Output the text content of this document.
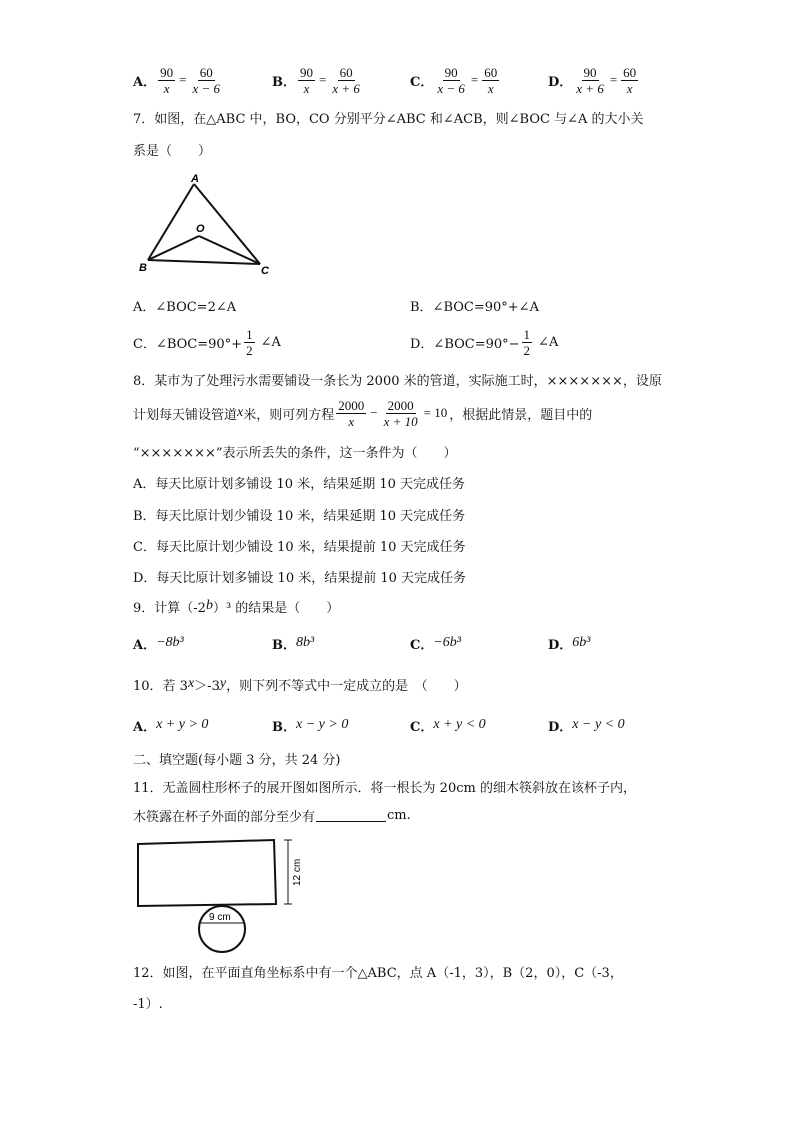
A． $\frac{90}{x} = \frac{60}{x - 6}$	B． $\frac{90}{x} = \frac{60}{x + 6}$	C． $\frac{90}{x - 6} = \frac{60}{x}$	D． $\frac{90}{x + 6} = \frac{60}{x}$
7．如图，在△ABC 中，BO，CO 分别平分∠ABC 和∠ACB，则∠BOC 与∠A 的大小关
系是（　　）
A
O
B	C
A．∠BOC=2∠A	B．∠BOC=90°+∠A
C．∠BOC=90°+ $\frac{1}{2}$ ∠A	D．∠BOC=90°− $\frac{1}{2}$ ∠A
8．某市为了处理污水需要铺设一条长为 2000 米的管道，实际施工时，×××××××，设原
计划每天铺设管道 x 米，则可列方程 $\frac{2000}{x} - \frac{2000}{x + 10} = 10$ ，根据此情景，题目中的
“×××××××”表示所丢失的条件，这一条件为（　　）
A．每天比原计划多铺设 10 米，结果延期 10 天完成任务
B．每天比原计划少铺设 10 米，结果延期 10 天完成任务
C．每天比原计划少铺设 10 米，结果提前 10 天完成任务
D．每天比原计划多铺设 10 米，结果提前 10 天完成任务
9．计算（-2 b ）³ 的结果是（　　）
A． −8b³	B． 8b³	C． −6b³	D． 6b³
10．若 3 x ＞-3 y ，则下列不等式中一定成立的是　（　　）
A． x + y > 0	B． x − y > 0	C． x + y < 0	D． x − y < 0
二、填空题(每小题 3 分，共 24 分)
11．无盖圆柱形杯子的展开图如图所示．将一根长为 20cm 的细木筷斜放在该杯子内，
木筷露在杯子外面的部分至少有	cm.
12 cm
9 cm
12．如图，在平面直角坐标系中有一个△ABC，点 A（-1，3），B（2，0），C（-3，
-1）.
